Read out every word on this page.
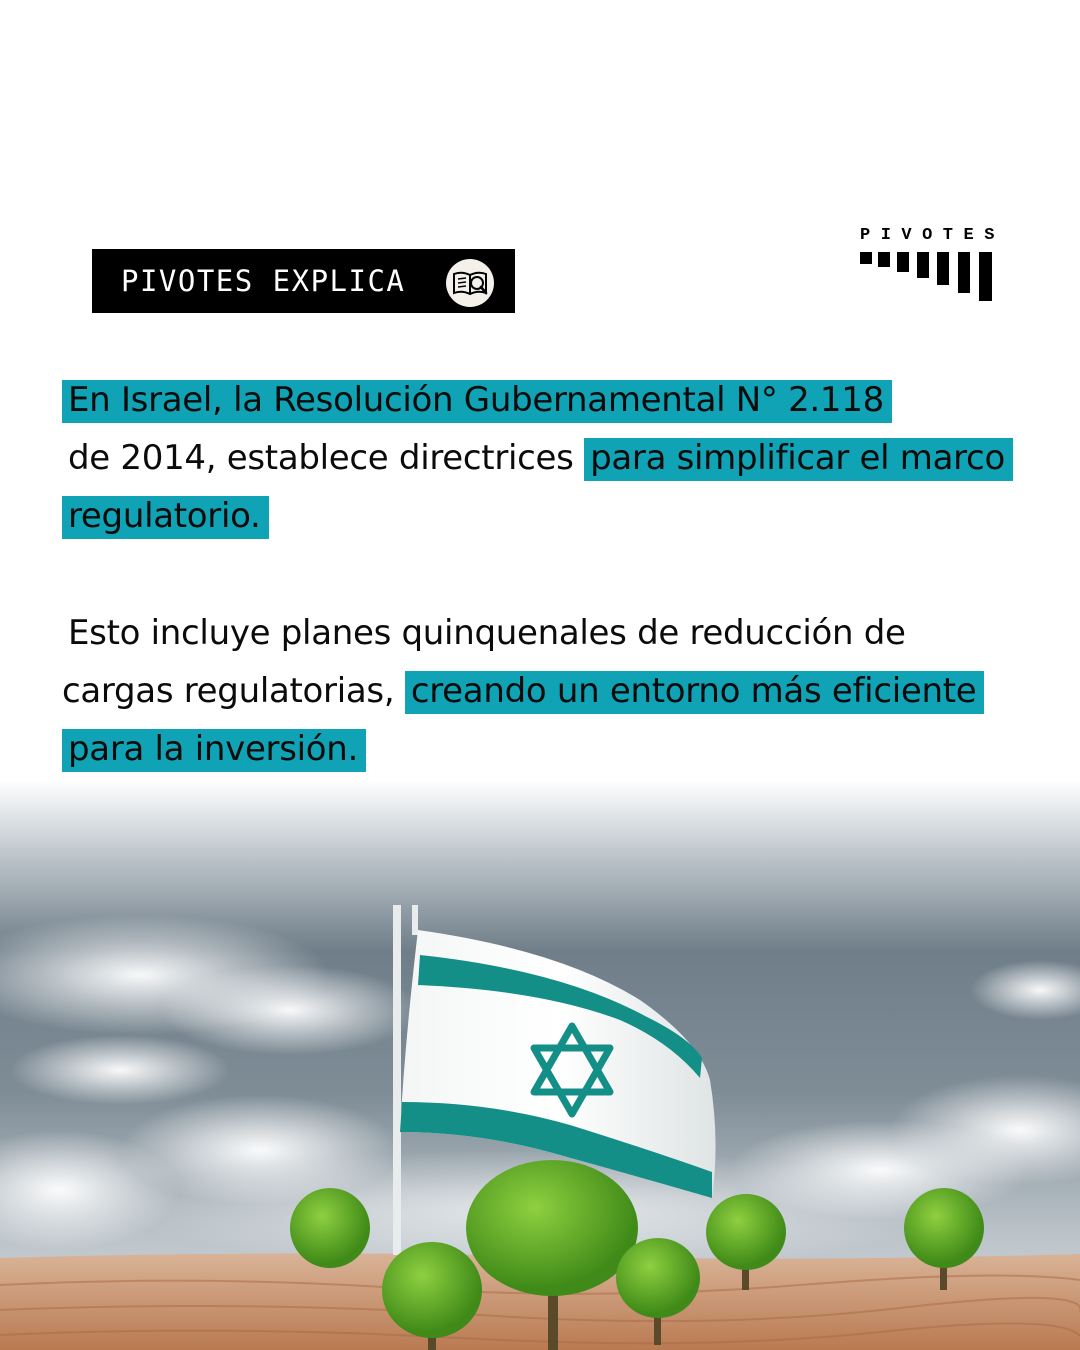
PIVOTES EXPLICA
PIVOTES
En Israel, la Resolución Gubernamental N° 2.118
de 2014, establece directrices para simplificar el marco regulatorio.
Esto incluye planes quinquenales de reducción de cargas regulatorias, creando un entorno más eficiente para la inversión.
